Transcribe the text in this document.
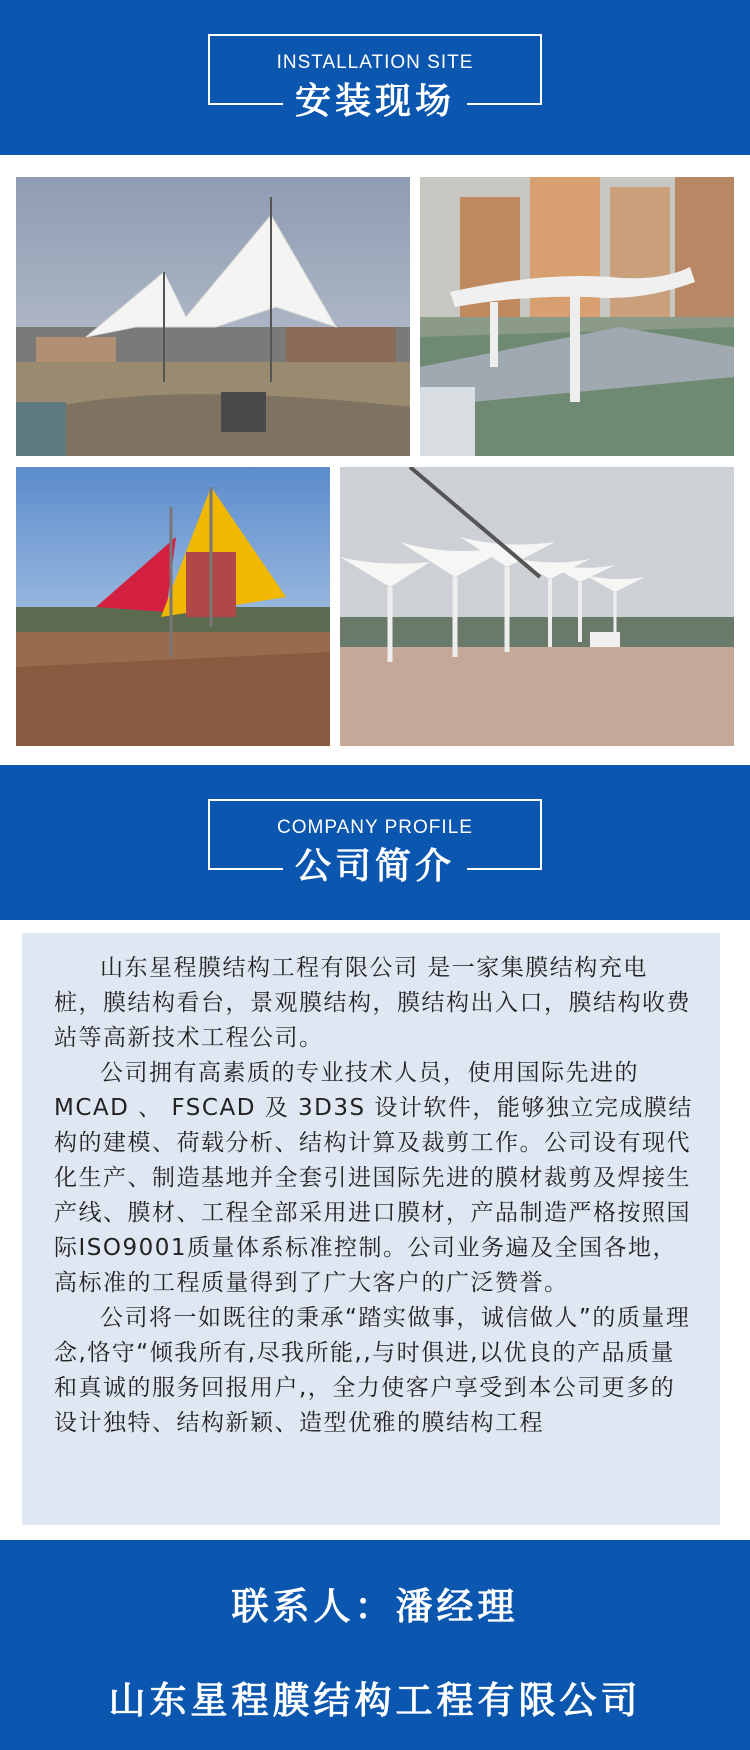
INSTALLATION SITE
安装现场
COMPANY PROFILE
公司简介

山东星程膜结构工程有限公司 是一家集膜结构充电桩，膜结构看台，景观膜结构，膜结构出入口，膜结构收费站等高新技术工程公司。

公司拥有高素质的专业技术人员，使用国际先进的MCAD 、 FSCAD 及 3D3S 设计软件，能够独立完成膜结构的建模、荷载分析、结构计算及裁剪工作。公司设有现代化生产、制造基地并全套引进国际先进的膜材裁剪及焊接生产线、膜材、工程全部采用进口膜材，产品制造严格按照国际ISO9001质量体系标准控制。公司业务遍及全国各地，高标准的工程质量得到了广大客户的广泛赞誉。

公司将一如既往的秉承“踏实做事，诚信做人”的质量理念,恪守“倾我所有,尽我所能,,与时俱进,以优良的产品质量和真诚的服务回报用户,，全力使客户享受到本公司更多的设计独特、结构新颖、造型优雅的膜结构工程

联系人：潘经理
山东星程膜结构工程有限公司
